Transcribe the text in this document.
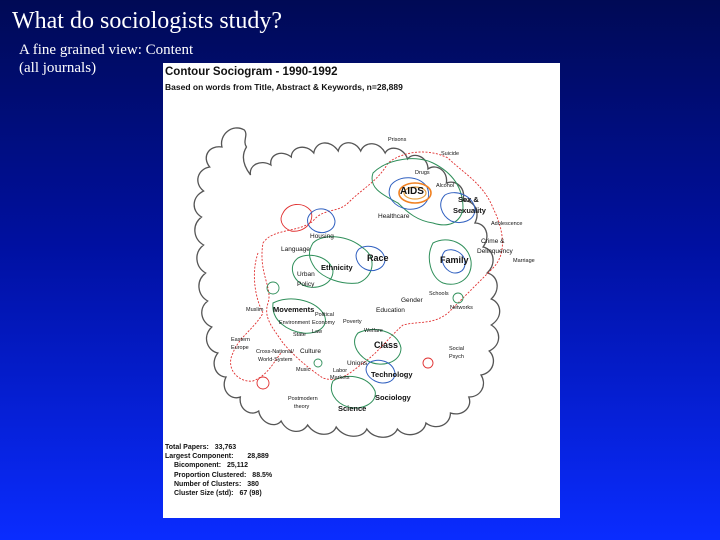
What do sociologists study?
A fine grained view: Content
(all journals)	Contour Sociogram - 1990-1992
Based on words from Title, Abstract & Keywords, n=28,889
Prisons
Suicide
Drugs
Alcohol
AIDS
Sex &
Sexuality
Healthcare
Adolescence
Housing
Language
Crime &
Delinquency
Marriage
Race	Family
Ethnicity
Urban
Policy
Schools
Gender
Networks
Education
Muslim Movements
Political
Economy Poverty
Environment
Law	Welfare
State
Class
Eastern
Europe	Social
Psych
Cross-National/
World-System
Culture
Unions
Music	Labor
Markets	Technology
Sociology
Postmodern
theory	Science
Total Papers: 33,763
Largest Component: 28,889
Bicomponent: 25,112
Proportion Clustered: 88.5%
Number of Clusters: 380
Cluster Size (std): 67 (98)
